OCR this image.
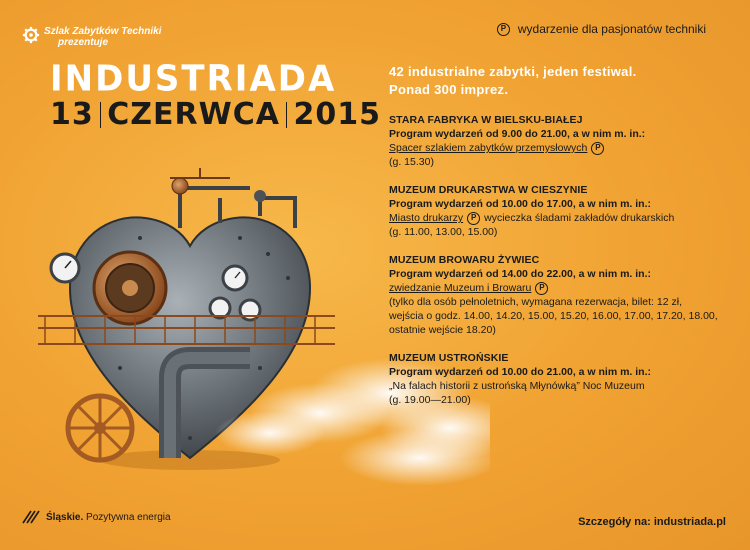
Szlak Zabytków Techniki
prezentuje
P wydarzenie dla pasjonatów techniki
INDUSTRIADA
13 CZERWCA 2015
42 industrialne zabytki, jeden festiwal.
Ponad 300 imprez.
STARA FABRYKA W BIELSKU-BIAŁEJ
Program wydarzeń od 9.00 do 21.00, a w nim m. in.:
Spacer szlakiem zabytków przemysłowych P
(g. 15.30)
MUZEUM DRUKARSTWA W CIESZYNIE
Program wydarzeń od 10.00 do 17.00, a w nim m. in.:
Miasto drukarzy P wycieczka śladami zakładów drukarskich
(g. 11.00, 13.00, 15.00)
MUZEUM BROWARU ŻYWIEC
Program wydarzeń od 14.00 do 22.00, a w nim m. in.:
zwiedzanie Muzeum i Browaru P
(tylko dla osób pełnoletnich, wymagana rezerwacja, bilet: 12 zł, wejścia o godz. 14.00, 14.20, 15.00, 15.20, 16.00, 17.00, 17.20, 18.00, ostatnie wejście 18.20)
MUZEUM USTROŃSKIE
Program wydarzeń od 10.00 do 21.00, a w nim m. in.:
„Na falach historii z ustrońską Młynówką” Noc Muzeum
(g. 19.00—21.00)
Śląskie. Pozytywna energia	Szczegóły na: industriada.pl
